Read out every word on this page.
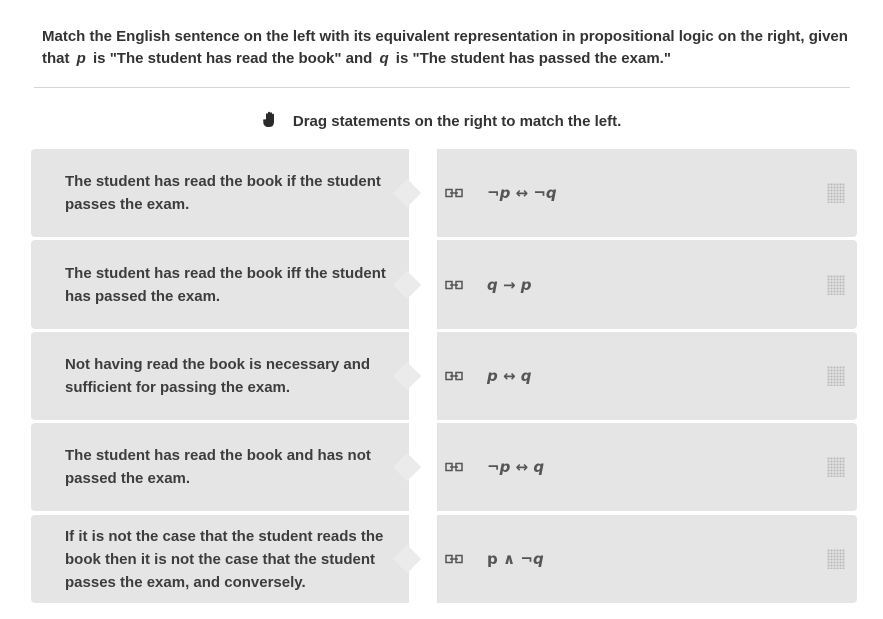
Match the English sentence on the left with its equivalent representation in propositional logic on the right, given that p is "The student has read the book" and q is "The student has passed the exam."
Drag statements on the right to match the left.
The student has read the book if the student passes the exam.
¬p ↔ ¬q
The student has read the book iff the student has passed the exam.
q → p
Not having read the book is necessary and sufficient for passing the exam.
p ↔ q
The student has read the book and has not passed the exam.
¬p ↔ q
If it is not the case that the student reads the book then it is not the case that the student passes the exam, and conversely.
p ∧ ¬q
